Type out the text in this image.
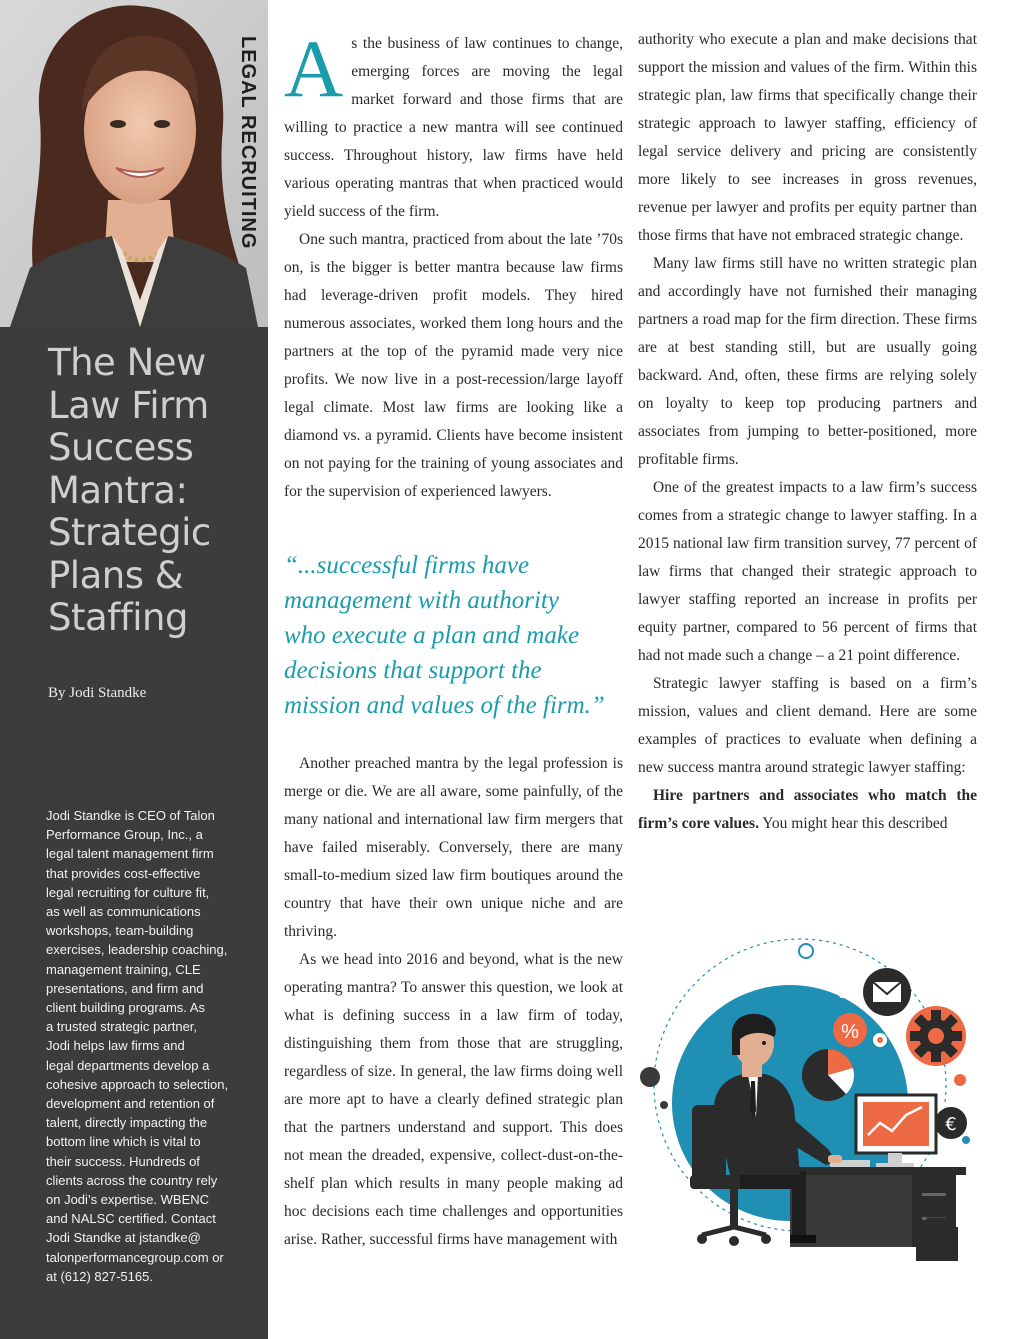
LEGAL RECRUITING
The New
Law Firm
Success
Mantra:
Strategic
Plans &
Staffing
By Jodi Standke
Jodi Standke is CEO of Talon
Performance Group, Inc., a
legal talent management firm
that provides cost-effective
legal recruiting for culture fit,
as well as communications
workshops, team-building
exercises, leadership coaching,
management training, CLE
presentations, and firm and
client building programs. As
a trusted strategic partner,
Jodi helps law firms and
legal departments develop a
cohesive approach to selection,
development and retention of
talent, directly impacting the
bottom line which is vital to
their success. Hundreds of
clients across the country rely
on Jodi’s expertise. WBENC
and NALSC certified. Contact
Jodi Standke at jstandke@
talonperformancegroup.com or
at (612) 827-5165.

As the business of law continues to change, emerging forces are moving the legal market forward and those firms that are willing to practice a new mantra will see continued success. Throughout history, law firms have held various operating mantras that when practiced would yield success of the firm.

One such mantra, practiced from about the late ’70s on, is the bigger is better mantra because law firms had leverage-driven profit models. They hired numerous associates, worked them long hours and the partners at the top of the pyramid made very nice profits. We now live in a post-recession/large layoff legal climate. Most law firms are looking like a diamond vs. a pyramid. Clients have become insistent on not paying for the training of young associates and for the supervision of experienced lawyers.

“...successful firms have
management with authority
who execute a plan and make
decisions that support the
mission and values of the firm.”

Another preached mantra by the legal profession is merge or die. We are all aware, some painfully, of the many national and international law firm mergers that have failed miserably. Conversely, there are many small-to-medium sized law firm boutiques around the country that have their own unique niche and are thriving.

As we head into 2016 and beyond, what is the new operating mantra? To answer this question, we look at what is defining success in a law firm of today, distinguishing them from those that are struggling, regardless of size. In general, the law firms doing well are more apt to have a clearly defined strategic plan that the partners understand and support. This does not mean the dreaded, expensive, collect-dust-on-the-shelf plan which results in many people making ad hoc decisions each time challenges and opportunities arise. Rather, successful firms have management with

authority who execute a plan and make decisions that support the mission and values of the firm. Within this strategic plan, law firms that specifically change their strategic approach to lawyer staffing, efficiency of legal service delivery and pricing are consistently more likely to see increases in gross revenues, revenue per lawyer and profits per equity partner than those firms that have not embraced strategic change.

Many law firms still have no written strategic plan and accordingly have not furnished their managing partners a road map for the firm direction. These firms are at best standing still, but are usually going backward. And, often, these firms are relying solely on loyalty to keep top producing partners and associates from jumping to better-positioned, more profitable firms.

One of the greatest impacts to a law firm’s success comes from a strategic change to lawyer staffing. In a 2015 national law firm transition survey, 77 percent of law firms that changed their strategic approach to lawyer staffing reported an increase in profits per equity partner, compared to 56 percent of firms that had not made such a change – a 21 point difference.

Strategic lawyer staffing is based on a firm’s mission, values and client demand. Here are some examples of practices to evaluate when defining a new success mantra around strategic lawyer staffing:

Hire partners and associates who match the firm’s core values. You might hear this described

%
€
